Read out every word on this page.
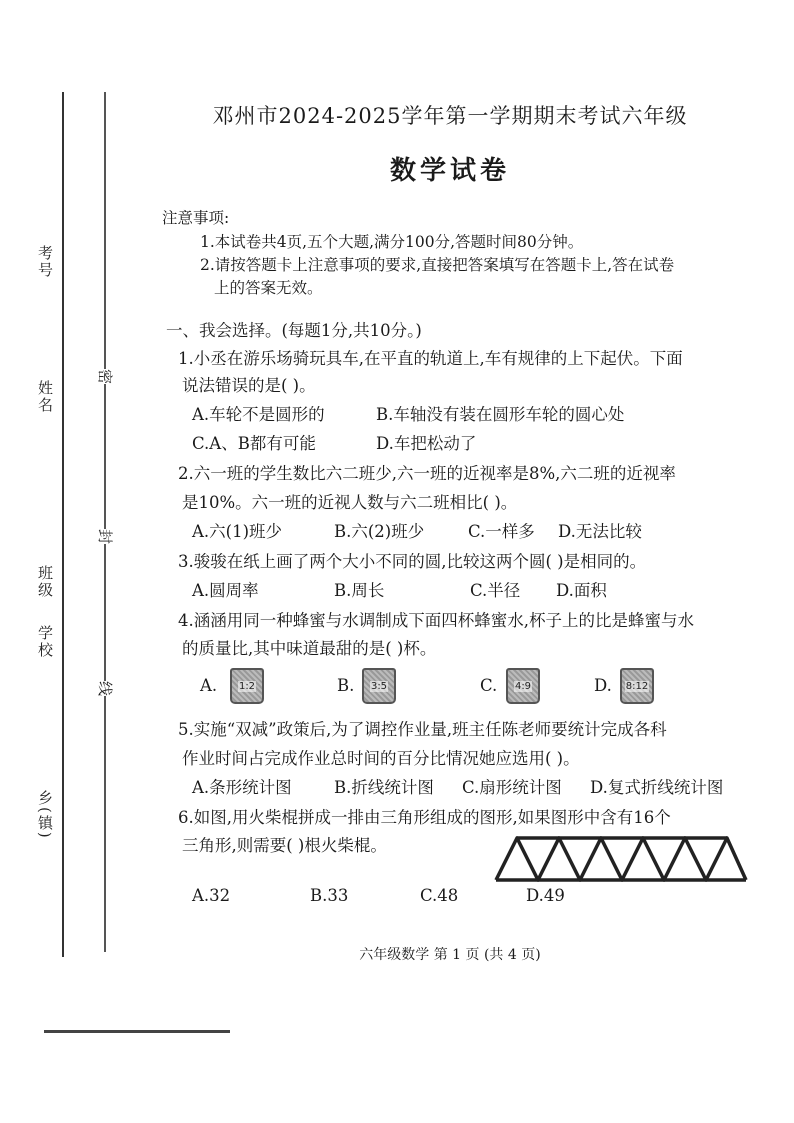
考号
姓名
班级
学校
乡(镇)
密
封
线
邓州市2024-2025学年第一学期期末考试六年级
数学试卷
注意事项:
1.本试卷共4页,五个大题,满分100分,答题时间80分钟。
2.请按答题卡上注意事项的要求,直接把答案填写在答题卡上,答在试卷
上的答案无效。
一、我会选择。(每题1分,共10分。)
1.小丞在游乐场骑玩具车,在平直的轨道上,车有规律的上下起伏。下面
说法错误的是( )。
A.车轮不是圆形的	B.车轴没有装在圆形车轮的圆心处
C.A、B都有可能	D.车把松动了
2.六一班的学生数比六二班少,六一班的近视率是8%,六二班的近视率
是10%。六一班的近视人数与六二班相比( )。
A.六(1)班少	B.六(2)班少	C.一样多 D.无法比较
3.骏骏在纸上画了两个大小不同的圆,比较这两个圆( )是相同的。
A.圆周率	B.周长	C.半径 D.面积
4.涵涵用同一种蜂蜜与水调制成下面四杯蜂蜜水,杯子上的比是蜂蜜与水
的质量比,其中味道最甜的是( )杯。
A. 1:2	B. 3:5	C. 4:9	D. 8:12
5.实施“双减”政策后,为了调控作业量,班主任陈老师要统计完成各科
作业时间占完成作业总时间的百分比情况她应选用( )。
A.条形统计图	B.折线统计图 C.扇形统计图 D.复式折线统计图
6.如图,用火柴棍拼成一排由三角形组成的图形,如果图形中含有16个
三角形,则需要( )根火柴棍。
A.32	B.33	C.48	D.49
六年级数学 第 1 页 (共 4 页)
